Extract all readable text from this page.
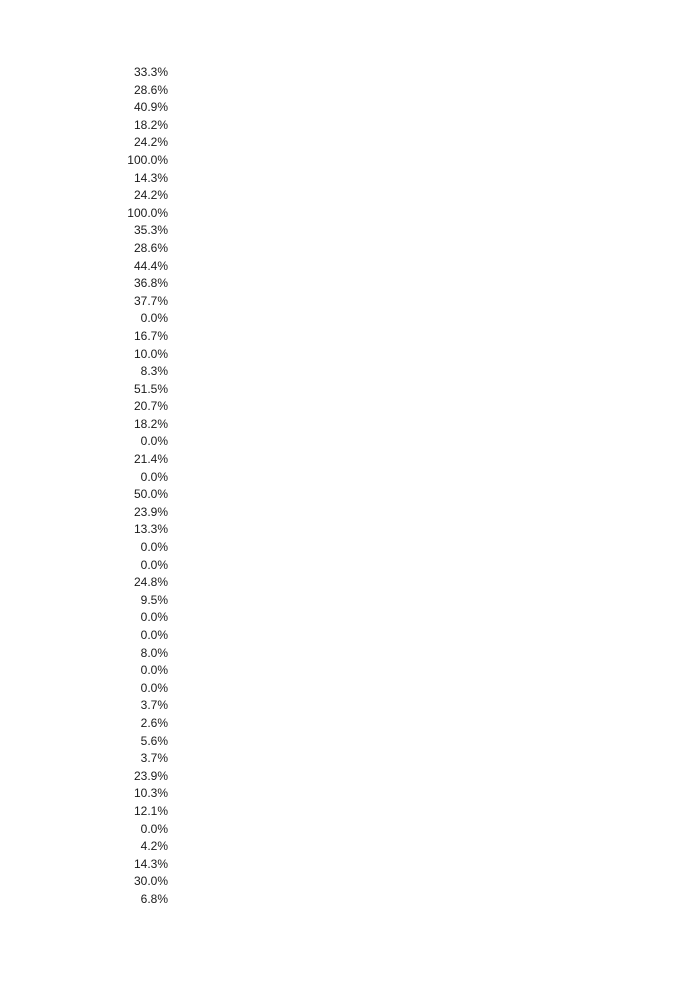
33.3%
28.6%
40.9%
18.2%
24.2%
100.0%
14.3%
24.2%
100.0%
35.3%
28.6%
44.4%
36.8%
37.7%
0.0%
16.7%
10.0%
8.3%
51.5%
20.7%
18.2%
0.0%
21.4%
0.0%
50.0%
23.9%
13.3%
0.0%
0.0%
24.8%
9.5%
0.0%
0.0%
8.0%
0.0%
0.0%
3.7%
2.6%
5.6%
3.7%
23.9%
10.3%
12.1%
0.0%
4.2%
14.3%
30.0%
6.8%
